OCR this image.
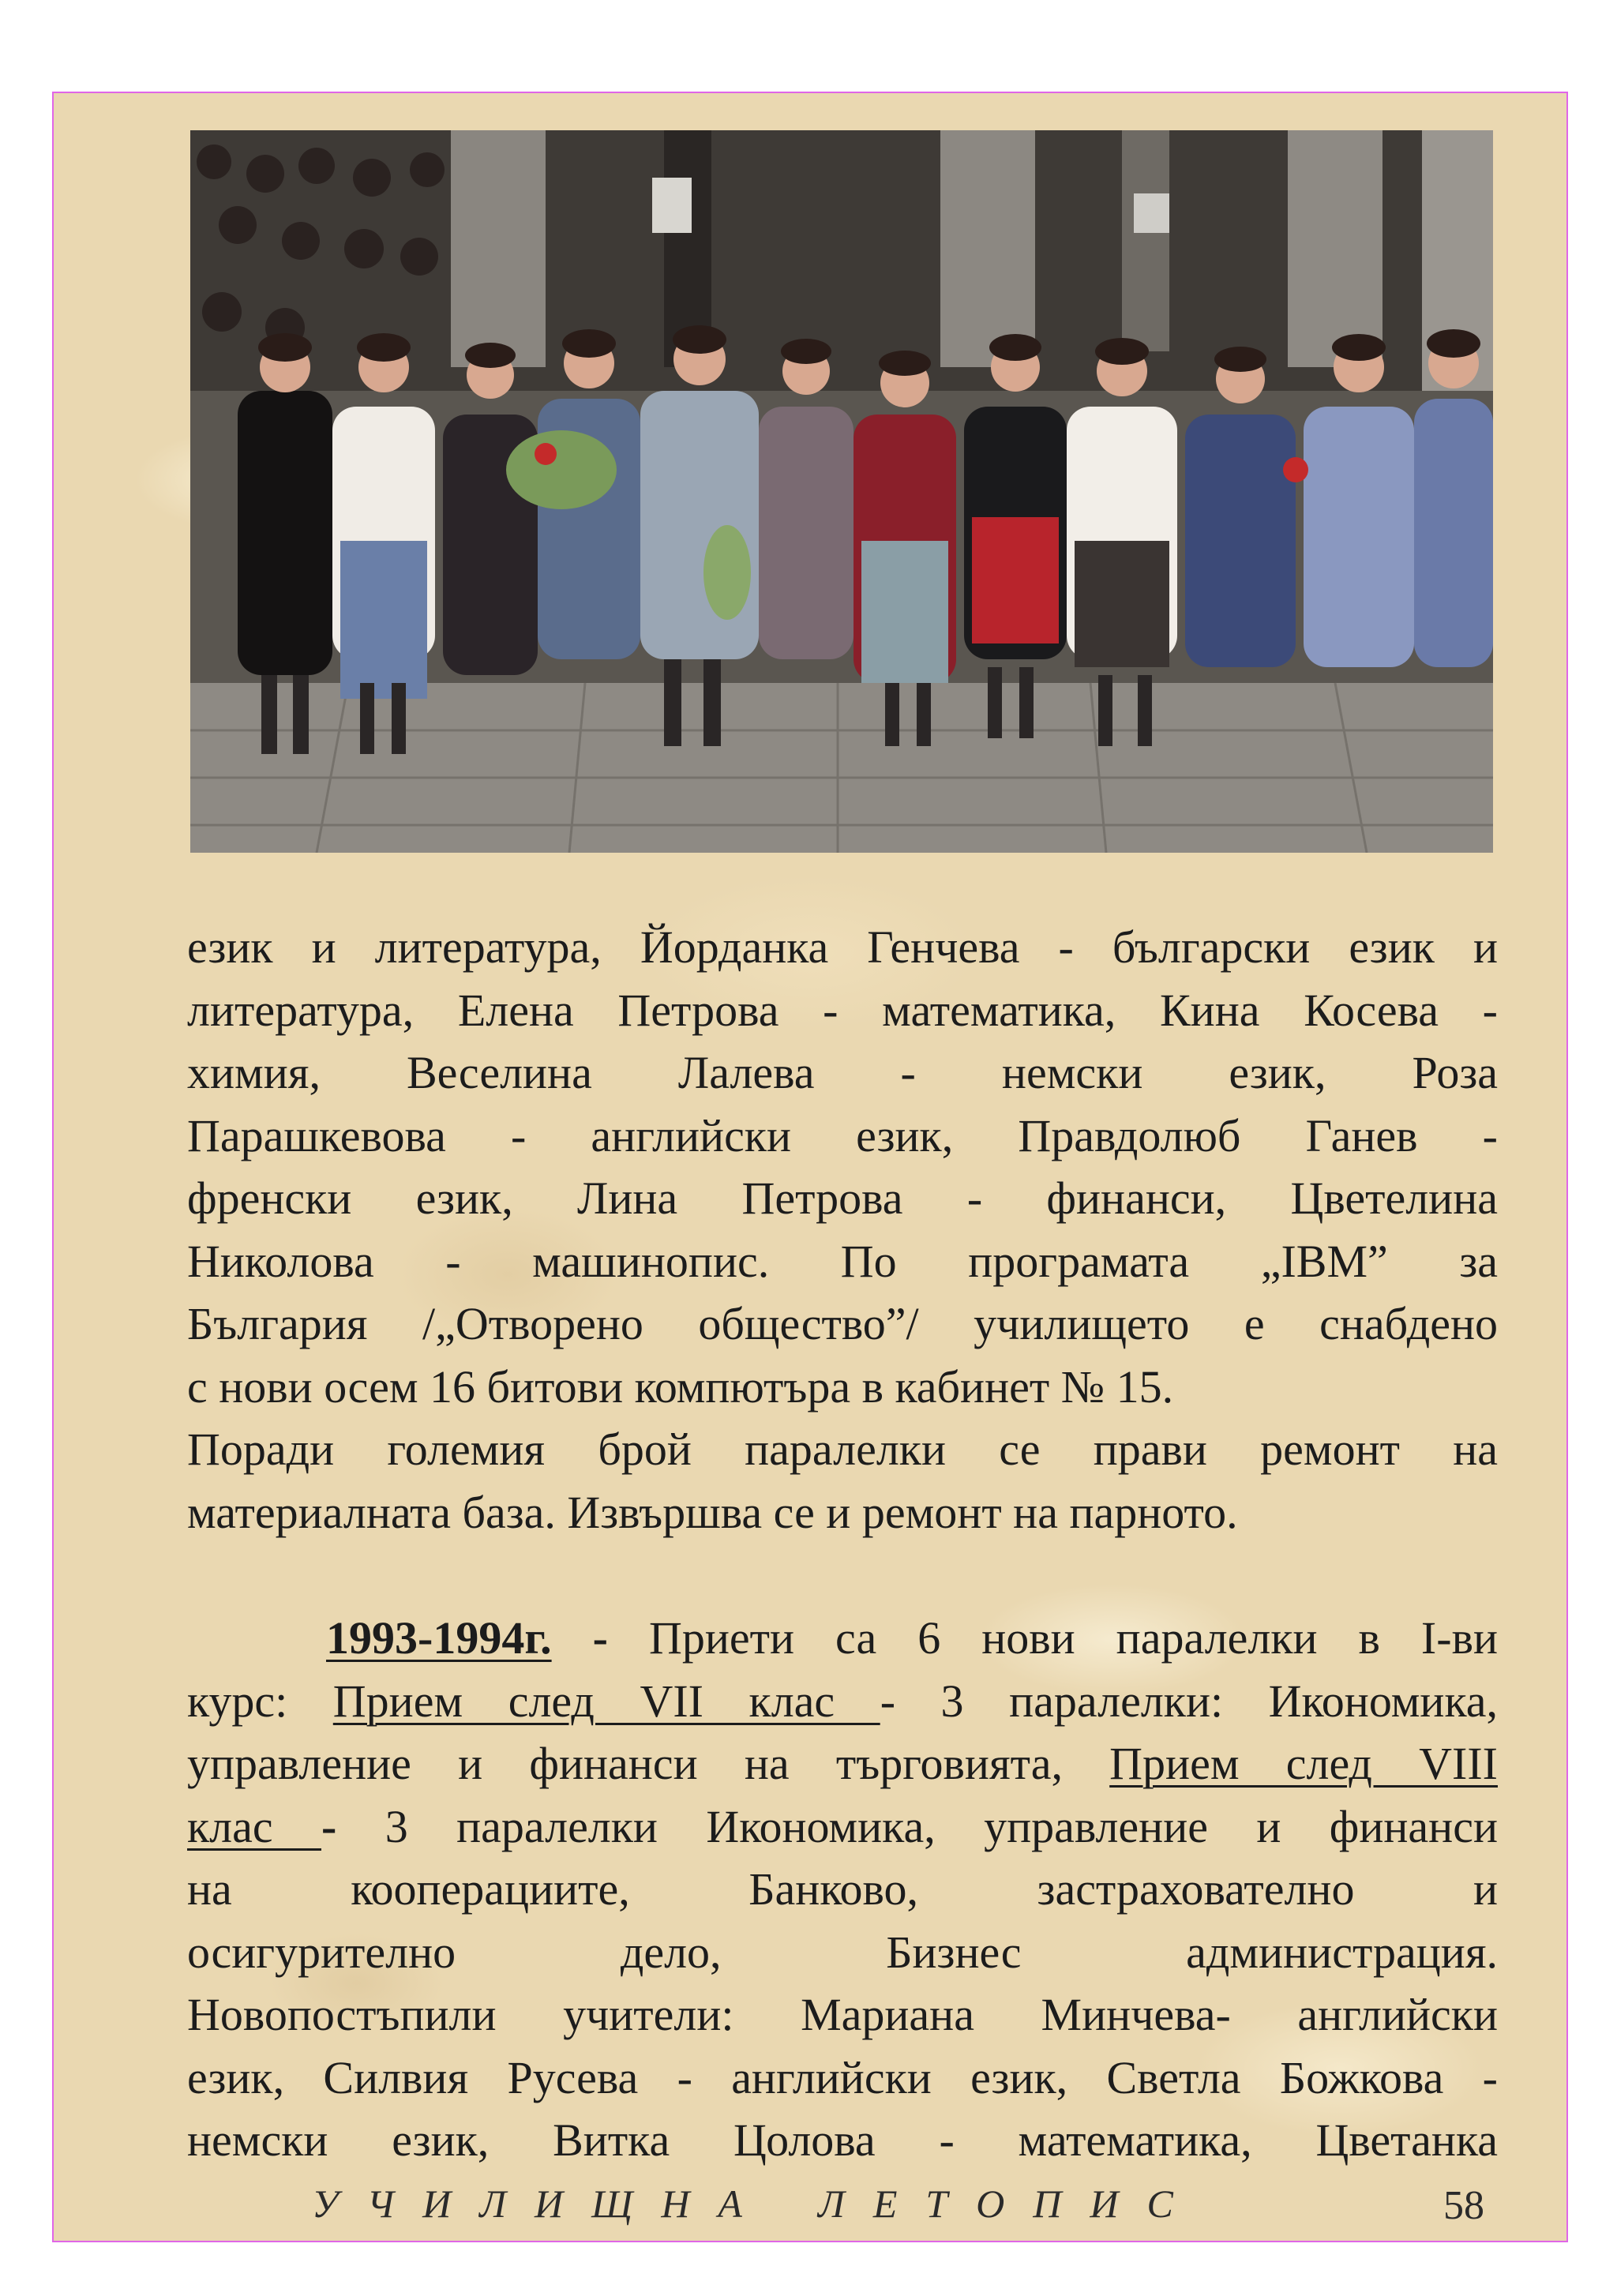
език и литература, Йорданка Генчева - български език и
литература, Елена Петрова - математика, Кина Косева -
химия,    Веселина    Лалева    -    немски    език,    Роза
Парашкевова - английски език, Правдолюб Ганев -
френски език, Лина Петрова - финанси, Цветелина
Николова - машинопис. По програмата „IBM” за
България /„Отворено общество”/ училището е снабдено
с нови осем 16 битови компютъра в кабинет № 15.
Поради големия брой паралелки се прави ремонт на
материалната база. Извършва се и ремонт на парното.
1993-1994г. - Приети са 6 нови паралелки в I-ви
курс: Прием след VII клас - 3 паралелки: Икономика,
управление и финанси на търговията, Прием след VIII
клас - 3 паралелки Икономика, управление и финанси
на    кооперациите,    Банково,    застрахователно    и
осигурително    дело,    Бизнес    администрация.
Новопостъпили учители: Мариана Минчева- английски
език, Силвия Русева - английски език, Светла Божкова -
немски език, Витка Цолова - математика, Цветанка
УЧИЛИЩНА ЛЕТОПИС	58
